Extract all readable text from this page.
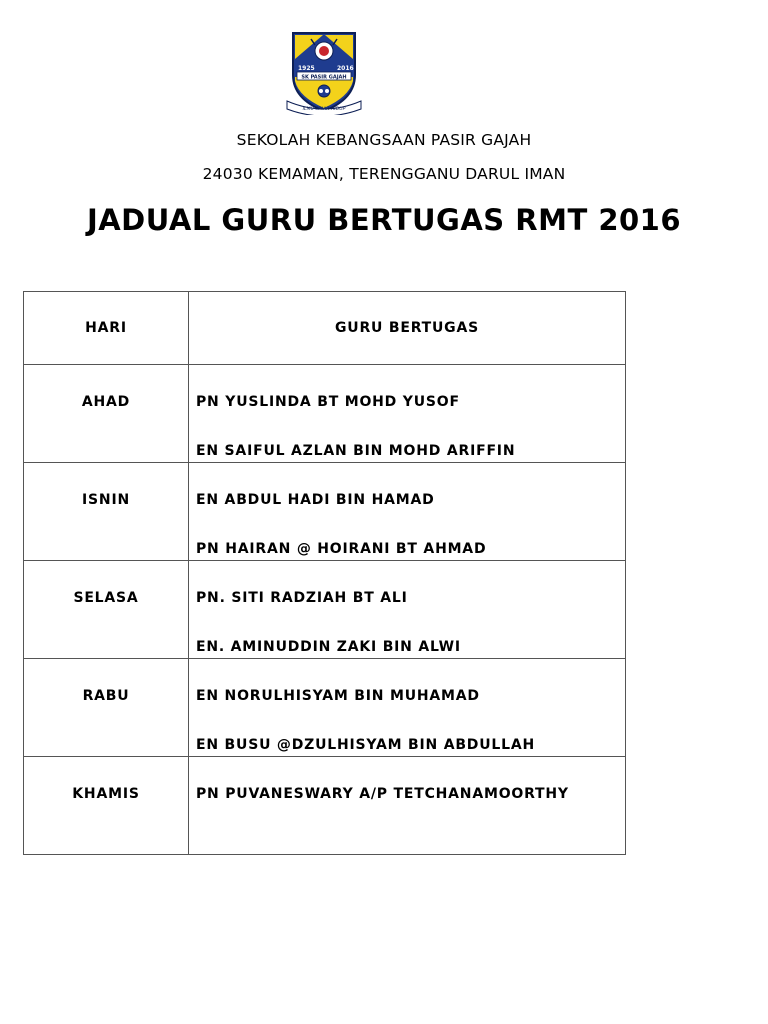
1925	2016
SK PASIR GAJAH
ILMU SINAR HIDUP
SEKOLAH KEBANGSAAN PASIR GAJAH
24030 KEMAMAN, TERENGGANU DARUL IMAN
JADUAL GURU BERTUGAS RMT 2016
HARI	GURU BERTUGAS

AHAD	PN YUSLINDA BT MOHD YUSOF
EN SAIFUL AZLAN BIN MOHD ARIFFIN

ISNIN	EN ABDUL HADI BIN HAMAD
PN HAIRAN @ HOIRANI BT AHMAD

SELASA	PN. SITI RADZIAH BT ALI
EN. AMINUDDIN ZAKI BIN ALWI

RABU	EN NORULHISYAM BIN MUHAMAD
EN BUSU @DZULHISYAM BIN ABDULLAH

KHAMIS	PN PUVANESWARY A/P TETCHANAMOORTHY
